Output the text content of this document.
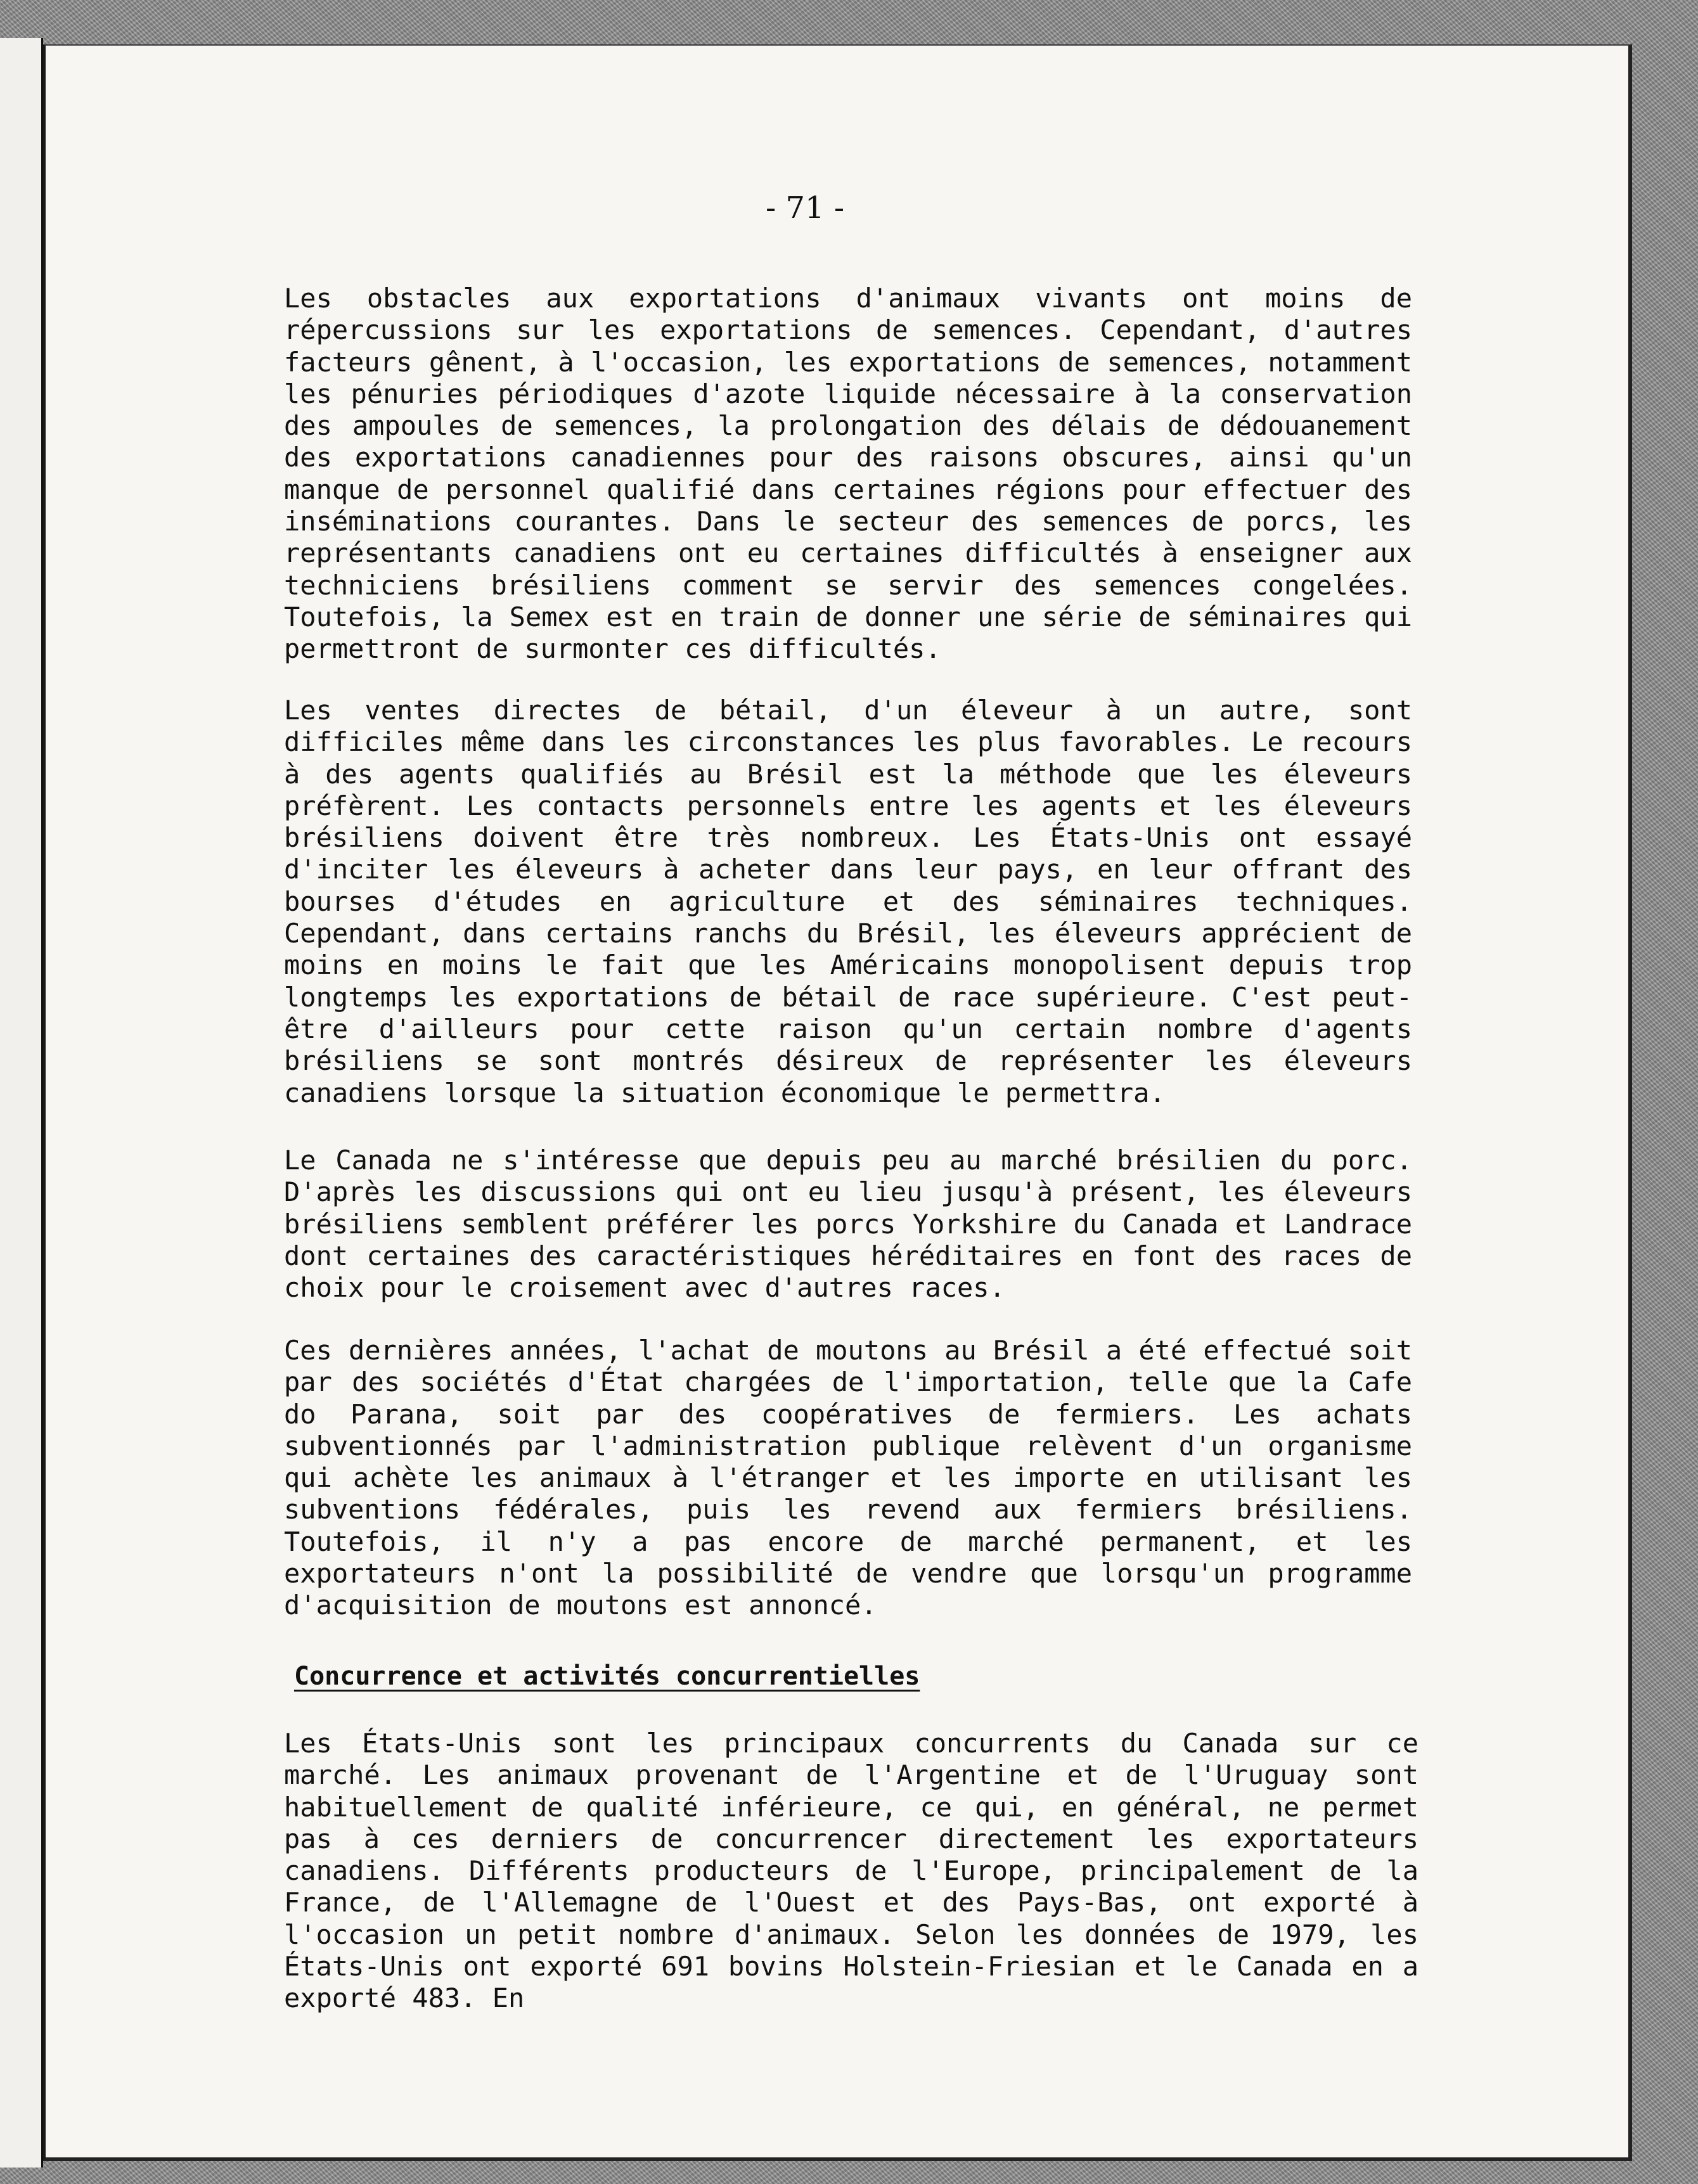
- 71 -

Les obstacles aux exportations d'animaux vivants ont moins de répercussions sur les exportations de semences. Cependant, d'autres facteurs gênent, à l'occasion, les exportations de semences, notamment les pénuries périodiques d'azote liquide nécessaire à la conservation des ampoules de semences, la prolongation des délais de dédouanement des exportations canadiennes pour des raisons obscures, ainsi qu'un manque de personnel qualifié dans certaines régions pour effectuer des inséminations courantes. Dans le secteur des semences de porcs, les représentants canadiens ont eu certaines difficultés à enseigner aux techniciens brésiliens comment se servir des semences congelées. Toutefois, la Semex est en train de donner une série de séminaires qui permettront de surmonter ces difficultés.

Les ventes directes de bétail, d'un éleveur à un autre, sont difficiles même dans les circonstances les plus favorables. Le recours à des agents qualifiés au Brésil est la méthode que les éleveurs préfèrent. Les contacts personnels entre les agents et les éleveurs brésiliens doivent être très nombreux. Les États-Unis ont essayé d'inciter les éleveurs à acheter dans leur pays, en leur offrant des bourses d'études en agriculture et des séminaires techniques. Cependant, dans certains ranchs du Brésil, les éleveurs apprécient de moins en moins le fait que les Américains monopolisent depuis trop longtemps les exportations de bétail de race supérieure. C'est peut-être d'ailleurs pour cette raison qu'un certain nombre d'agents brésiliens se sont montrés désireux de représenter les éleveurs canadiens lorsque la situation économique le permettra.

Le Canada ne s'intéresse que depuis peu au marché brésilien du porc. D'après les discussions qui ont eu lieu jusqu'à présent, les éleveurs brésiliens semblent préférer les porcs Yorkshire du Canada et Landrace dont certaines des caractéristiques héréditaires en font des races de choix pour le croisement avec d'autres races.

Ces dernières années, l'achat de moutons au Brésil a été effectué soit par des sociétés d'État chargées de l'importation, telle que la Cafe do Parana, soit par des coopératives de fermiers. Les achats subventionnés par l'administration publique relèvent d'un organisme qui achète les animaux à l'étranger et les importe en utilisant les subventions fédérales, puis les revend aux fermiers brésiliens. Toutefois, il n'y a pas encore de marché permanent, et les exportateurs n'ont la possibilité de vendre que lorsqu'un programme d'acquisition de moutons est annoncé.

Concurrence et activités concurrentielles

Les États-Unis sont les principaux concurrents du Canada sur ce marché. Les animaux provenant de l'Argentine et de l'Uruguay sont habituellement de qualité inférieure, ce qui, en général, ne permet pas à ces derniers de concurrencer directement les exportateurs canadiens. Différents producteurs de l'Europe, principalement de la France, de l'Allemagne de l'Ouest et des Pays-Bas, ont exporté à l'occasion un petit nombre d'animaux. Selon les données de 1979, les États-Unis ont exporté 691 bovins Holstein-Friesian et le Canada en a exporté 483. En
